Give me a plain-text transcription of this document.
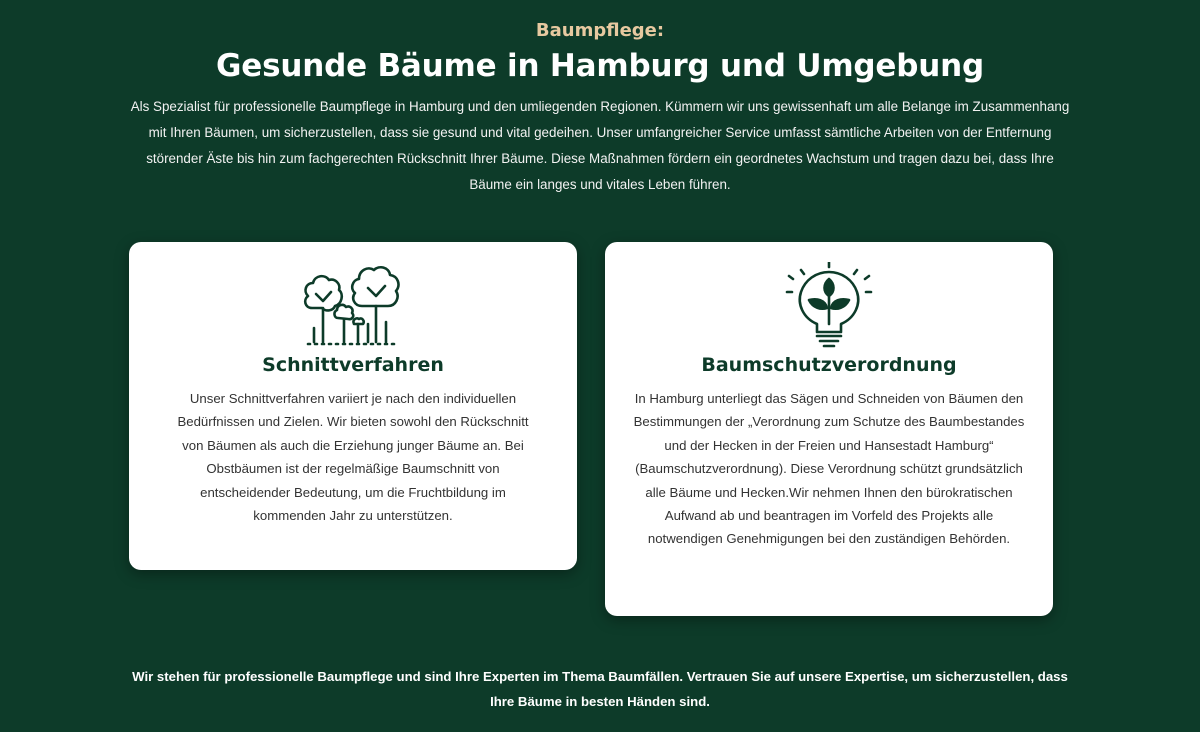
Baumpflege:
Gesunde Bäume in Hamburg und Umgebung

Als Spezialist für professionelle Baumpflege in Hamburg und den umliegenden Regionen. Kümmern wir uns gewissenhaft um alle Belange im Zusammenhang mit Ihren Bäumen, um sicherzustellen, dass sie gesund und vital gedeihen. Unser umfangreicher Service umfasst sämtliche Arbeiten von der Entfernung störender Äste bis hin zum fachgerechten Rückschnitt Ihrer Bäume. Diese Maßnahmen fördern ein geordnetes Wachstum und tragen dazu bei, dass Ihre Bäume ein langes und vitales Leben führen.

Schnittverfahren

Unser Schnittverfahren variiert je nach den individuellen Bedürfnissen und Zielen. Wir bieten sowohl den Rückschnitt von Bäumen als auch die Erziehung junger Bäume an. Bei Obstbäumen ist der regelmäßige Baumschnitt von entscheidender Bedeutung, um die Fruchtbildung im kommenden Jahr zu unterstützen.

Baumschutzverordnung

In Hamburg unterliegt das Sägen und Schneiden von Bäumen den Bestimmungen der „Verordnung zum Schutze des Baumbestandes und der Hecken in der Freien und Hansestadt Hamburg“ (Baumschutzverordnung). Diese Verordnung schützt grundsätzlich alle Bäume und Hecken.Wir nehmen Ihnen den bürokratischen Aufwand ab und beantragen im Vorfeld des Projekts alle notwendigen Genehmigungen bei den zuständigen Behörden.

Wir stehen für professionelle Baumpflege und sind Ihre Experten im Thema Baumfällen. Vertrauen Sie auf unsere Expertise, um sicherzustellen, dass Ihre Bäume in besten Händen sind.
